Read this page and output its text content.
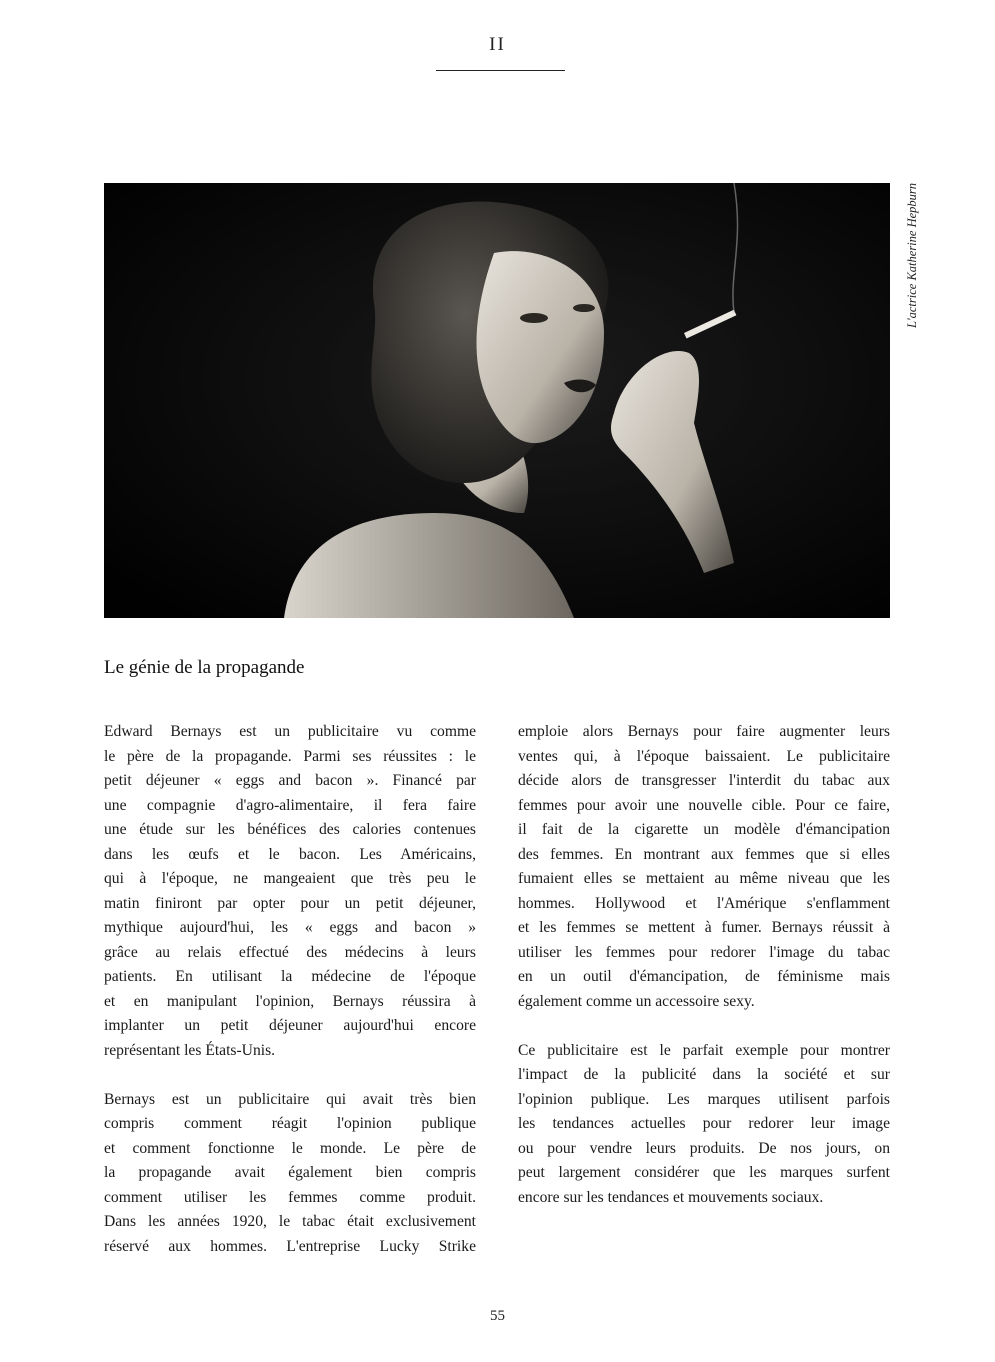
II
L'actrice Katherine Hepburn
Le génie de la propagande

Edward Bernays est un publicitaire vu comme
le père de la propagande. Parmi ses réussites : le
petit déjeuner « eggs and bacon ». Financé par
une compagnie d'agro-alimentaire, il fera faire
une étude sur les bénéfices des calories contenues
dans les œufs et le bacon. Les Américains,
qui à l'époque, ne mangeaient que très peu le
matin finiront par opter pour un petit déjeuner,
mythique aujourd'hui, les « eggs and bacon »
grâce au relais effectué des médecins à leurs
patients. En utilisant la médecine de l'époque
et en manipulant l'opinion, Bernays réussira à
implanter un petit déjeuner aujourd'hui encore
représentant les États-Unis.

Bernays est un publicitaire qui avait très bien
compris comment réagit l'opinion publique
et comment fonctionne le monde. Le père de
la propagande avait également bien compris
comment utiliser les femmes comme produit.
Dans les années 1920, le tabac était exclusivement
réservé aux hommes. L'entreprise Lucky Strike

emploie alors Bernays pour faire augmenter leurs
ventes qui, à l'époque baissaient. Le publicitaire
décide alors de transgresser l'interdit du tabac aux
femmes pour avoir une nouvelle cible. Pour ce faire,
il fait de la cigarette un modèle d'émancipation
des femmes. En montrant aux femmes que si elles
fumaient elles se mettaient au même niveau que les
hommes. Hollywood et l'Amérique s'enflamment
et les femmes se mettent à fumer. Bernays réussit à
utiliser les femmes pour redorer l'image du tabac
en un outil d'émancipation, de féminisme mais
également comme un accessoire sexy.

Ce publicitaire est le parfait exemple pour montrer
l'impact de la publicité dans la société et sur
l'opinion publique. Les marques utilisent parfois
les tendances actuelles pour redorer leur image
ou pour vendre leurs produits. De nos jours, on
peut largement considérer que les marques surfent
encore sur les tendances et mouvements sociaux.

55
